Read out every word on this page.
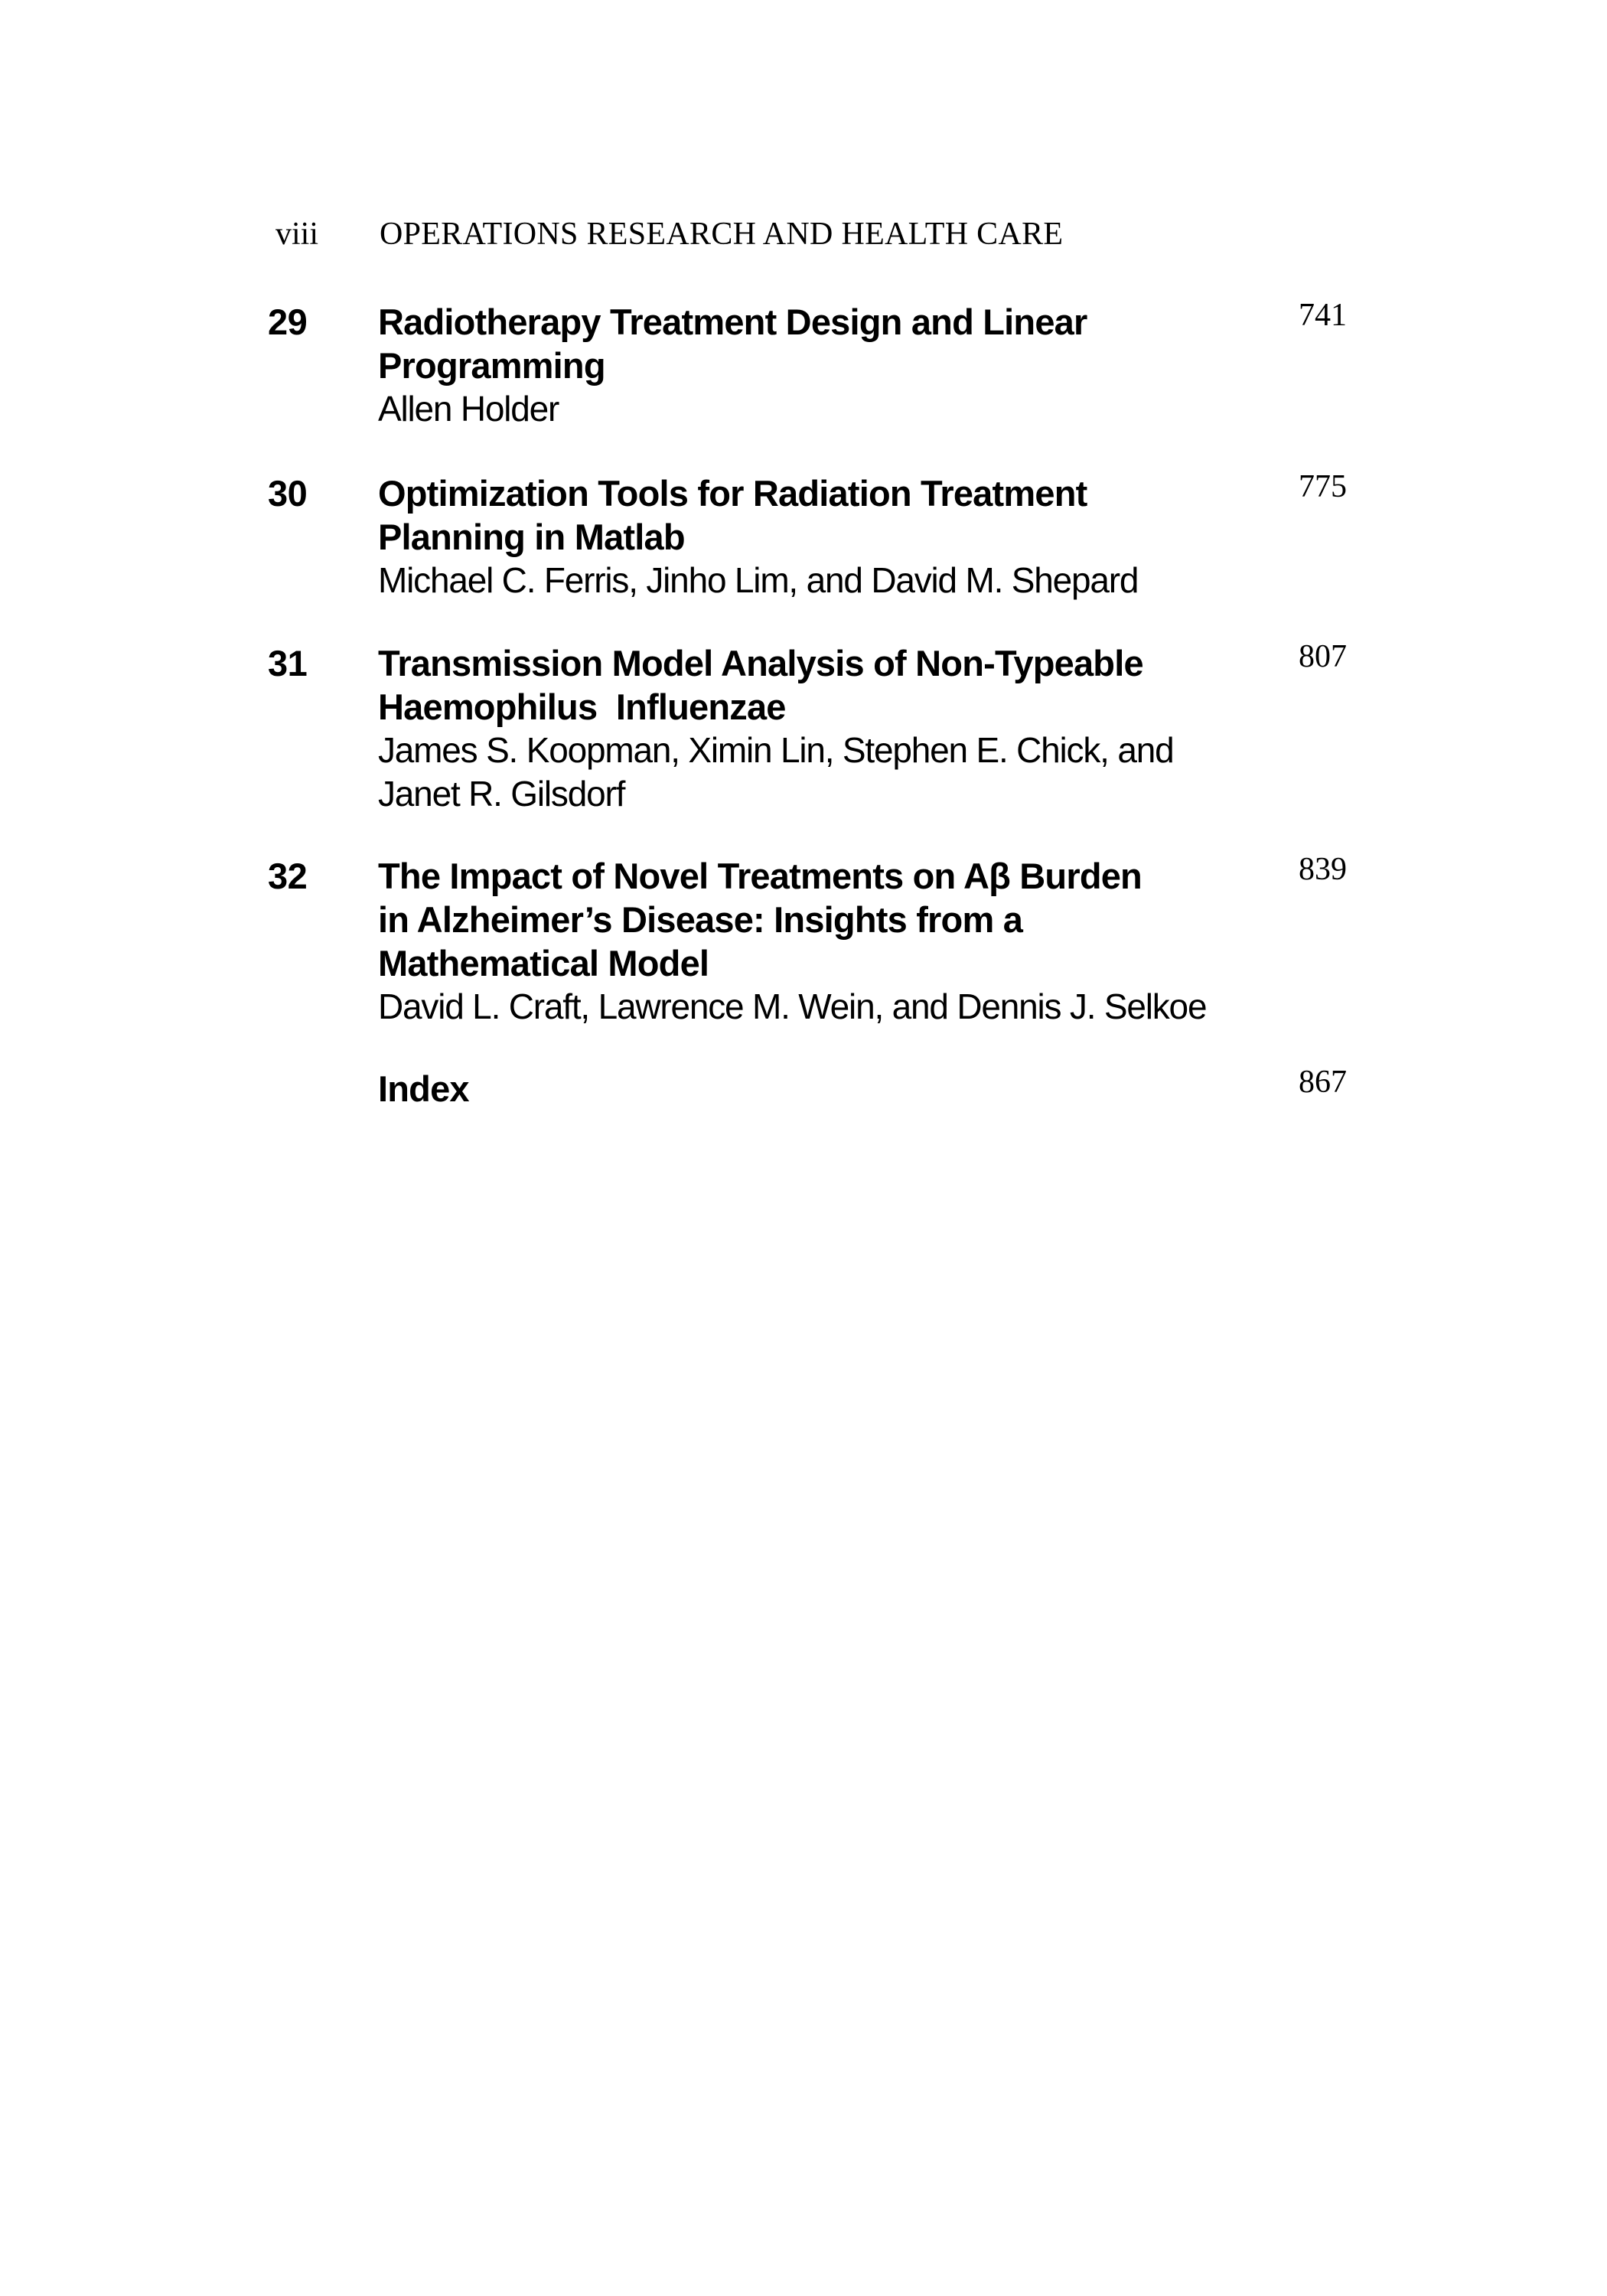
viii OPERATIONS RESEARCH AND HEALTH CARE
29 Radiotherapy Treatment Design and Linear
Programming

Allen Holder

741
30 Optimization Tools for Radiation Treatment
Planning in Matlab

Michael C. Ferris, Jinho Lim, and David M. Shepard

775
31 Transmission Model Analysis of Non-Typeable
Haemophilus  Influenzae

James S. Koopman, Ximin Lin, Stephen E. Chick, and
Janet R. Gilsdorf

807
32 The Impact of Novel Treatments on Aβ Burden
in Alzheimer’s Disease: Insights from a
Mathematical Model

David L. Craft, Lawrence M. Wein, and Dennis J. Selkoe

839

Index	867
